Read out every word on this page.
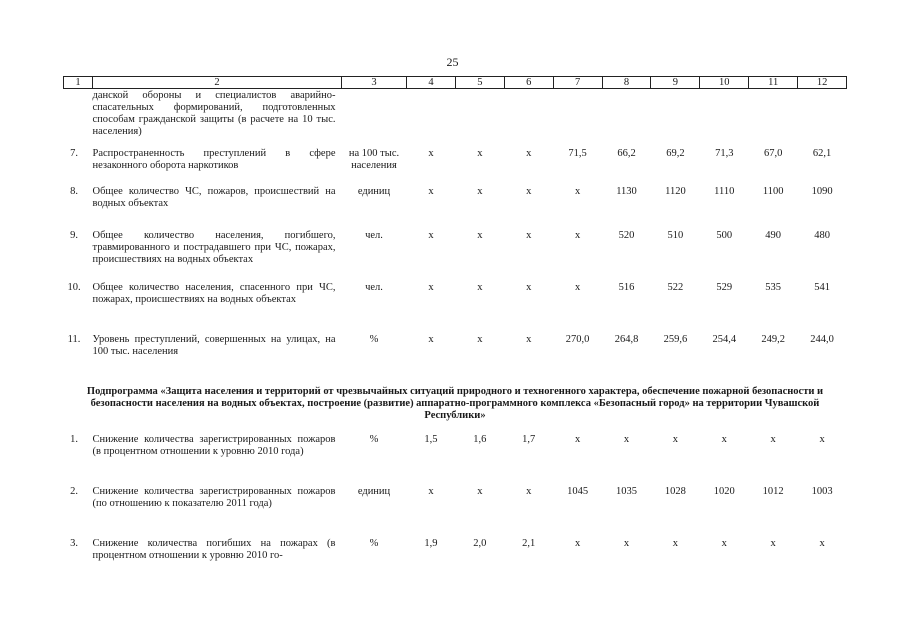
25
1	2	3	4	5	6	7	8	9	10	11	12
	данской обороны и специалистов аварийно-спасательных формирований, подготовленных способам гражданской защиты (в расчете на 10 тыс. населения)										
7.	Распространенность преступлений в сфере незаконного оборота наркотиков	на 100 тыс. населения	х	х	х	71,5	66,2	69,2	71,3	67,0	62,1
8.	Общее количество ЧС, пожаров, происшествий на водных объектах	единиц	х	х	х	х	1130	1120	1110	1100	1090
9.	Общее количество населения, погибшего, травмированного и пострадавшего при ЧС, пожарах, происшествиях на водных объектах	чел.	х	х	х	х	520	510	500	490	480
10.	Общее количество населения, спасенного при ЧС, пожарах, происшествиях на водных объектах	чел.	х	х	х	х	516	522	529	535	541
11.	Уровень преступлений, совершенных на улицах, на 100 тыс. населения	%	х	х	х	270,0	264,8	259,6	254,4	249,2	244,0
Подпрограмма «Защита населения и территорий от чрезвычайных ситуаций природного и техногенного характера, обеспечение пожарной безопасности и безопасности населения на водных объектах, построение (развитие) аппаратно-программного комплекса «Безопасный город» на территории Чувашской Республики»											
1.	Снижение количества зарегистрированных пожаров (в процентном отношении к уровню 2010 года)	%	1,5	1,6	1,7	х	х	х	х	х	х
2.	Снижение количества зарегистрированных пожаров (по отношению к показателю 2011 года)	единиц	х	х	х	1045	1035	1028	1020	1012	1003
3.	Снижение количества погибших на пожарах (в процентном отношении к уровню 2010 го-	%	1,9	2,0	2,1	х	х	х	х	х	х
